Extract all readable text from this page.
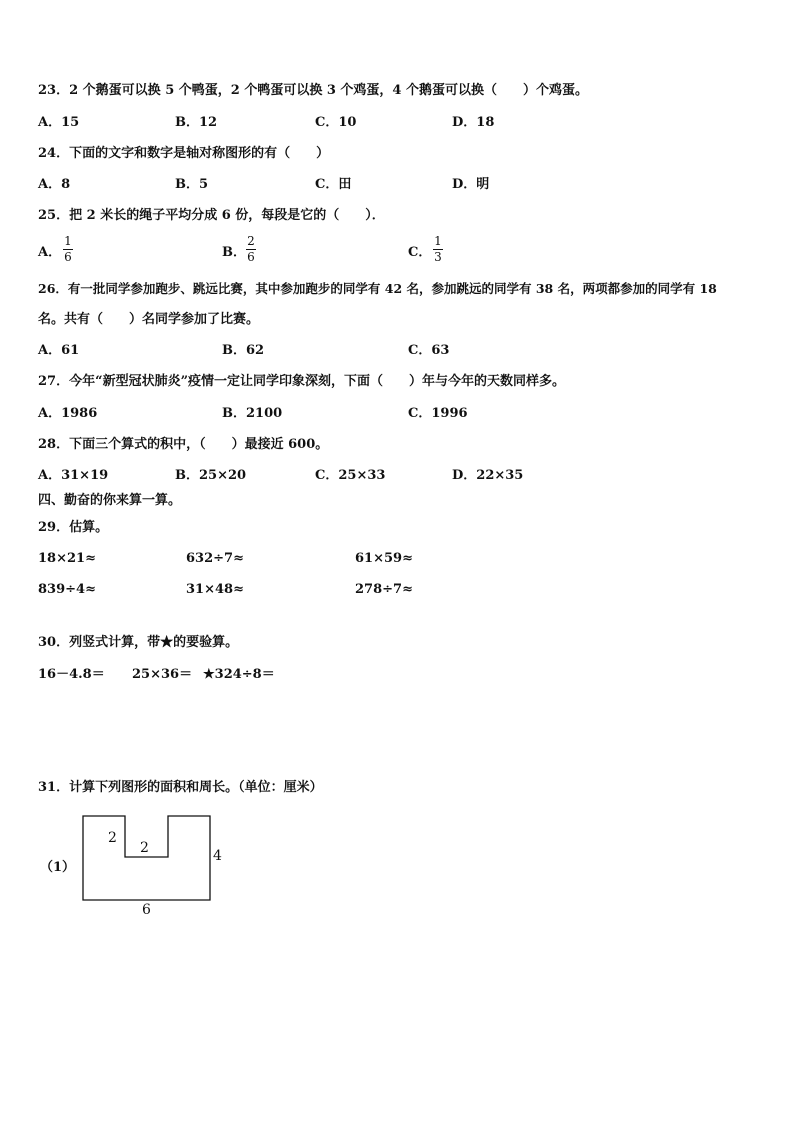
23．2 个鹅蛋可以换 5 个鸭蛋，2 个鸭蛋可以换 3 个鸡蛋，4 个鹅蛋可以换（　　）个鸡蛋。
A．15	B．12	C．10	D．18
24．下面的文字和数字是轴对称图形的有（　　）
A．8	B．5	C．田	D．明
25．把 2 米长的绳子平均分成 6 份，每段是它的（　　）．
A．
1
6	B．
2
6	C．
1
3
26．有一批同学参加跑步、跳远比赛，其中参加跑步的同学有 42 名，参加跳远的同学有 38 名，两项都参加的同学有 18
名。共有（　　）名同学参加了比赛。
A．61	B．62	C．63
27．今年“新型冠状肺炎”疫情一定让同学印象深刻，下面（　　）年与今年的天数同样多。
A．1986	B．2100	C．1996
28．下面三个算式的积中，（　　）最接近 600。
A．31×19	B．25×20	C．25×33	D．22×35
四、勤奋的你来算一算。
29．估算。
18×21≈	632÷7≈	61×59≈
839÷4≈	31×48≈	278÷7≈
30．列竖式计算，带★的要验算。
16－4.8＝ 25×36＝ ★324÷8＝
31．计算下列图形的面积和周长。（单位：厘米）
（1）
2
2	4
6
